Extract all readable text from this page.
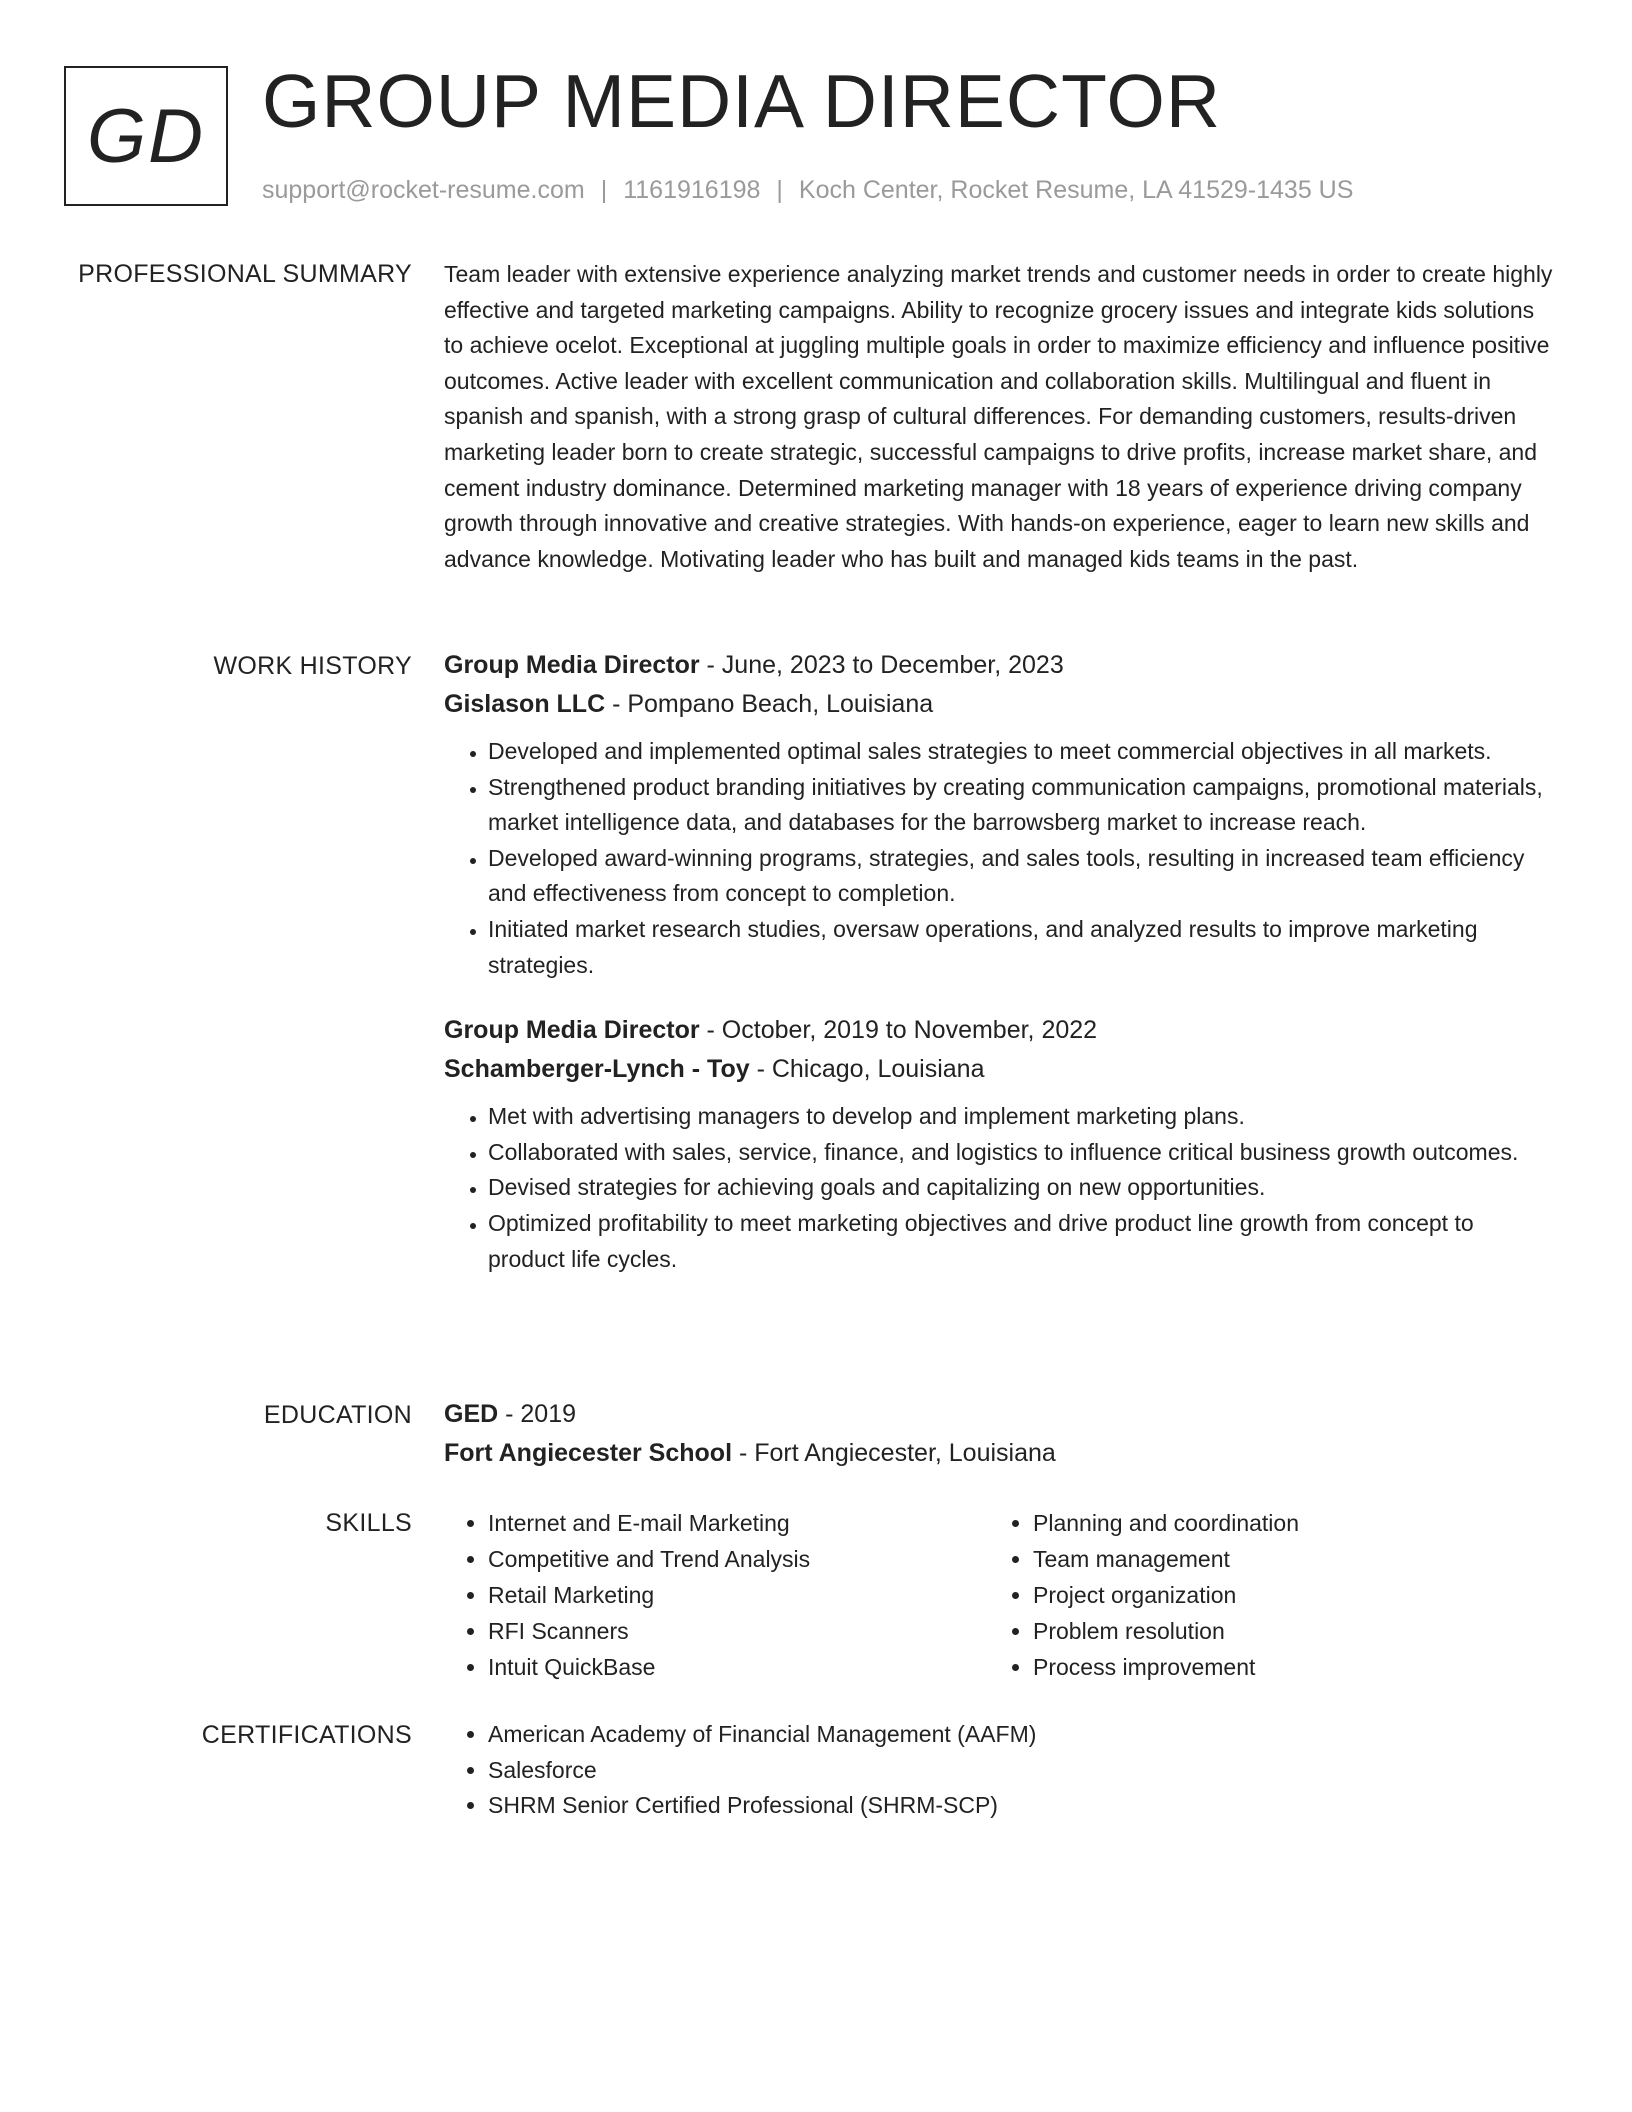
GD GROUP MEDIA DIRECTOR
support@rocket-resume.com | 1161916198 | Koch Center, Rocket Resume, LA 41529-1435 US
PROFESSIONAL SUMMARY Team leader with extensive experience analyzing market trends and customer needs in order to create highly effective and targeted marketing campaigns. Ability to recognize grocery issues and integrate kids solutions to achieve ocelot. Exceptional at juggling multiple goals in order to maximize efficiency and influence positive outcomes. Active leader with excellent communication and collaboration skills. Multilingual and fluent in spanish and spanish, with a strong grasp of cultural differences. For demanding customers, results-driven marketing leader born to create strategic, successful campaigns to drive profits, increase market share, and cement industry dominance. Determined marketing manager with 18 years of experience driving company growth through innovative and creative strategies. With hands-on experience, eager to learn new skills and advance knowledge. Motivating leader who has built and managed kids teams in the past.

WORK HISTORY Group Media Director - June, 2023 to December, 2023
Gislason LLC - Pompano Beach, Louisiana
• Developed and implemented optimal sales strategies to meet commercial objectives in all markets.
• Strengthened product branding initiatives by creating communication campaigns, promotional materials, market intelligence data, and databases for the barrowsberg market to increase reach.
• Developed award-winning programs, strategies, and sales tools, resulting in increased team efficiency and effectiveness from concept to completion.
• Initiated market research studies, oversaw operations, and analyzed results to improve marketing strategies.
Group Media Director - October, 2019 to November, 2022
Schamberger-Lynch - Toy - Chicago, Louisiana
• Met with advertising managers to develop and implement marketing plans.
• Collaborated with sales, service, finance, and logistics to influence critical business growth outcomes.
• Devised strategies for achieving goals and capitalizing on new opportunities.
• Optimized profitability to meet marketing objectives and drive product line growth from concept to product life cycles.
EDUCATION GED - 2019
Fort Angiecester School - Fort Angiecester, Louisiana
SKILLS	• Internet and E-mail Marketing
• Competitive and Trend Analysis
• Retail Marketing
• RFI Scanners
• Intuit QuickBase
• Planning and coordination
• Team management
• Project organization
• Problem resolution
• Process improvement
CERTIFICATIONS	• American Academy of Financial Management (AAFM)
• Salesforce
• SHRM Senior Certified Professional (SHRM-SCP)
